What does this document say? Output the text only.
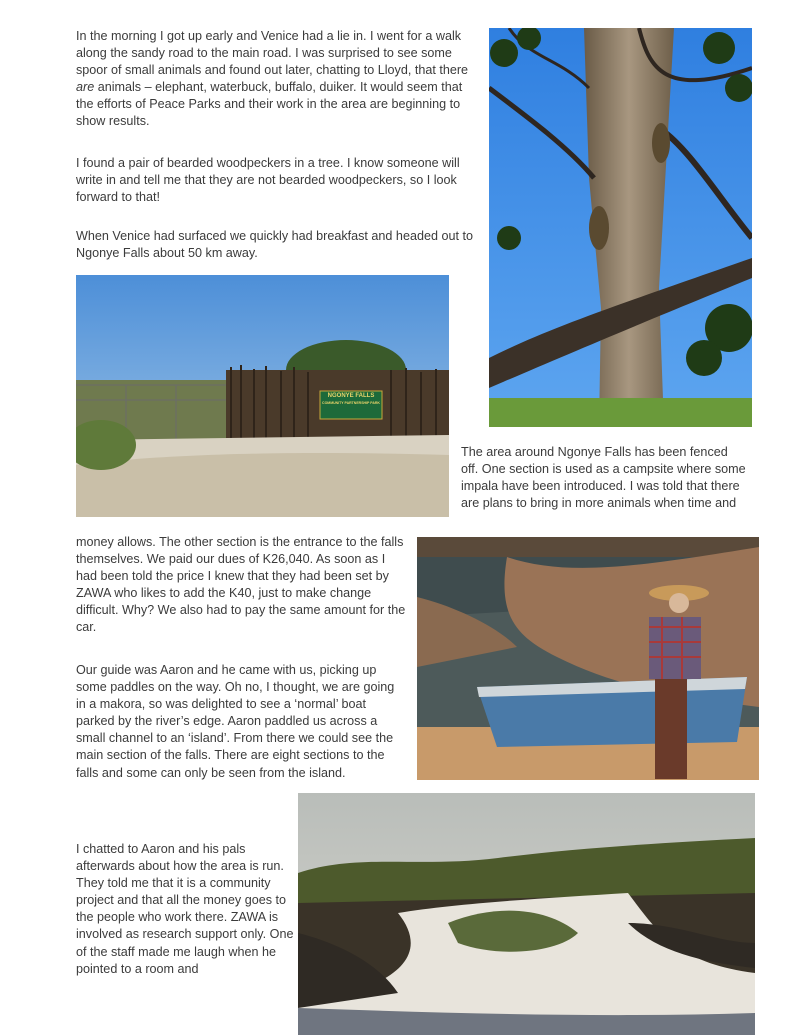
In the morning I got up early and Venice had a lie in. I went for a walk along the sandy road to the main road. I was surprised to see some spoor of small animals and found out later, chatting to Lloyd, that there are animals – elephant, waterbuck, buffalo, duiker. It would seem that the efforts of Peace Parks and their work in the area are beginning to show results.

I found a pair of bearded woodpeckers in a tree. I know someone will write in and tell me that they are not bearded woodpeckers, so I look forward to that!

When Venice had surfaced we quickly had breakfast and headed out to Ngonye Falls about 50 km away.

NGONYE FALLS
COMMUNITY PARTNERSHIP PARK

The area around Ngonye Falls has been fenced off. One section is used as a campsite where some impala have been introduced. I was told that there are plans to bring in more animals when time and

money allows. The other section is the entrance to the falls themselves. We paid our dues of K26,040. As soon as I had been told the price I knew that they had been set by ZAWA who likes to add the K40, just to make change difficult. Why? We also had to pay the same amount for the car.

Our guide was Aaron and he came with us, picking up some paddles on the way. Oh no, I thought, we are going in a makora, so was delighted to see a ‘normal’ boat parked by the river’s edge. Aaron paddled us across a small channel to an ‘island’. From there we could see the main section of the falls. There are eight sections to the falls and some can only be seen from the island.

I chatted to Aaron and his pals afterwards about how the area is run. They told me that it is a community project and that all the money goes to the people who work there. ZAWA is involved as research support only. One of the staff made me laugh when he pointed to a room and
